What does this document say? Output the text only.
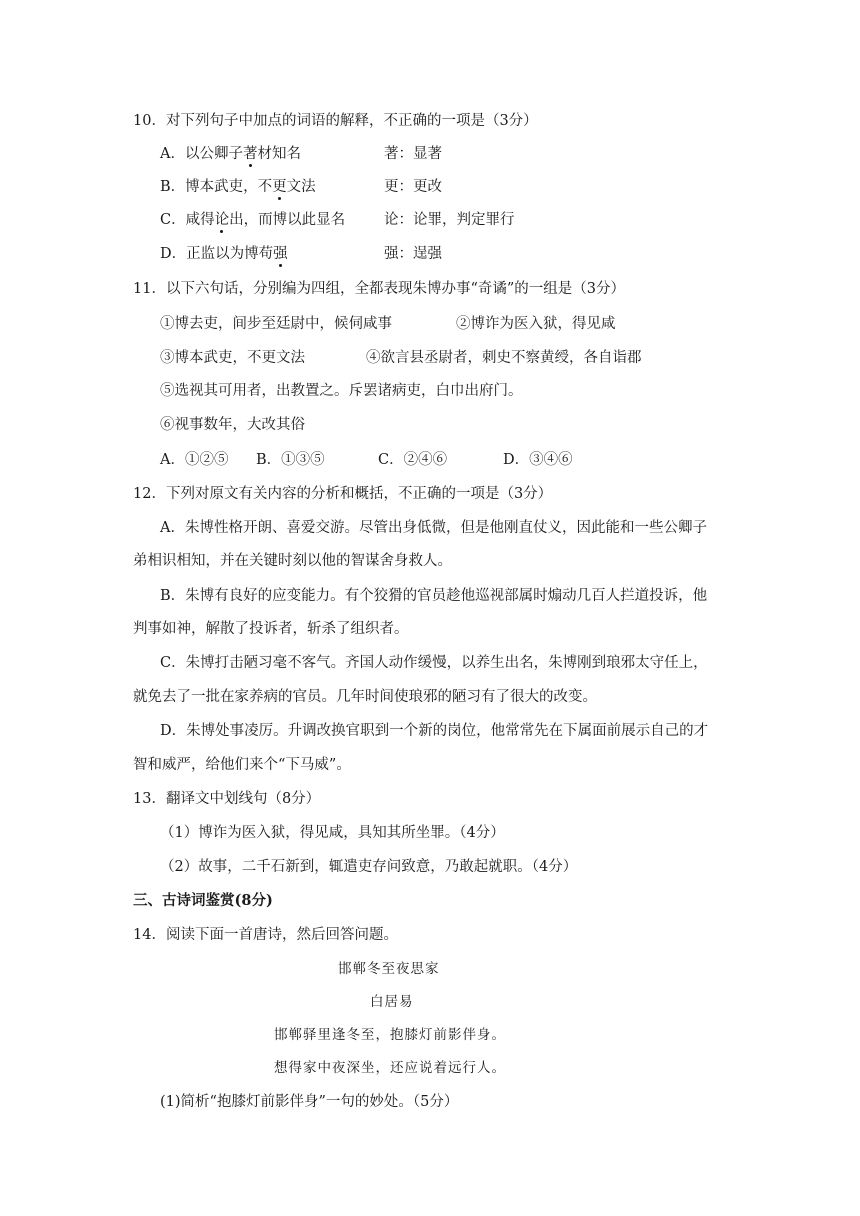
10．对下列句子中加点的词语的解释，不正确的一项是（3分）
A．以公卿子著材知名	著：显著
B．博本武吏，不更文法	更：更改
C．咸得论出，而博以此显名	论：论罪，判定罪行
D．正监以为博苟强	强：逞强
11．以下六句话，分别编为四组，全都表现朱博办事“奇谲”的一组是（3分）
①博去吏，间步至廷尉中，候伺咸事	②博诈为医入狱，得见咸
③博本武吏，不更文法	④欲言县丞尉者，刺史不察黄绶，各自诣郡
⑤选视其可用者，出教置之。斥罢诸病吏，白巾出府门。
⑥视事数年，大改其俗
A．①②⑤ B．①③⑤	C．②④⑥	D．③④⑥
12．下列对原文有关内容的分析和概括，不正确的一项是（3分）
A．朱博性格开朗、喜爱交游。尽管出身低微，但是他刚直仗义，因此能和一些公卿子
弟相识相知，并在关键时刻以他的智谋舍身救人。
B．朱博有良好的应变能力。有个狡猾的官员趁他巡视部属时煽动几百人拦道投诉，他
判事如神，解散了投诉者，斩杀了组织者。
C．朱博打击陋习毫不客气。齐国人动作缓慢，以养生出名，朱博刚到琅邪太守任上，
就免去了一批在家养病的官员。几年时间使琅邪的陋习有了很大的改变。
D．朱博处事凌厉。升调改换官职到一个新的岗位，他常常先在下属面前展示自己的才
智和威严，给他们来个“下马威”。
13．翻译文中划线句（8分）
（1）博诈为医入狱，得见咸，具知其所坐罪。（4分）
（2）故事，二千石新到，辄遣吏存问致意，乃敢起就职。（4分）
三、古诗词鉴赏(8分)
14．阅读下面一首唐诗，然后回答问题。
邯郸冬至夜思家
白居易
邯郸驿里逢冬至，抱膝灯前影伴身。
想得家中夜深坐，还应说着远行人。
(1)简析“抱膝灯前影伴身”一句的妙处。（5分）
